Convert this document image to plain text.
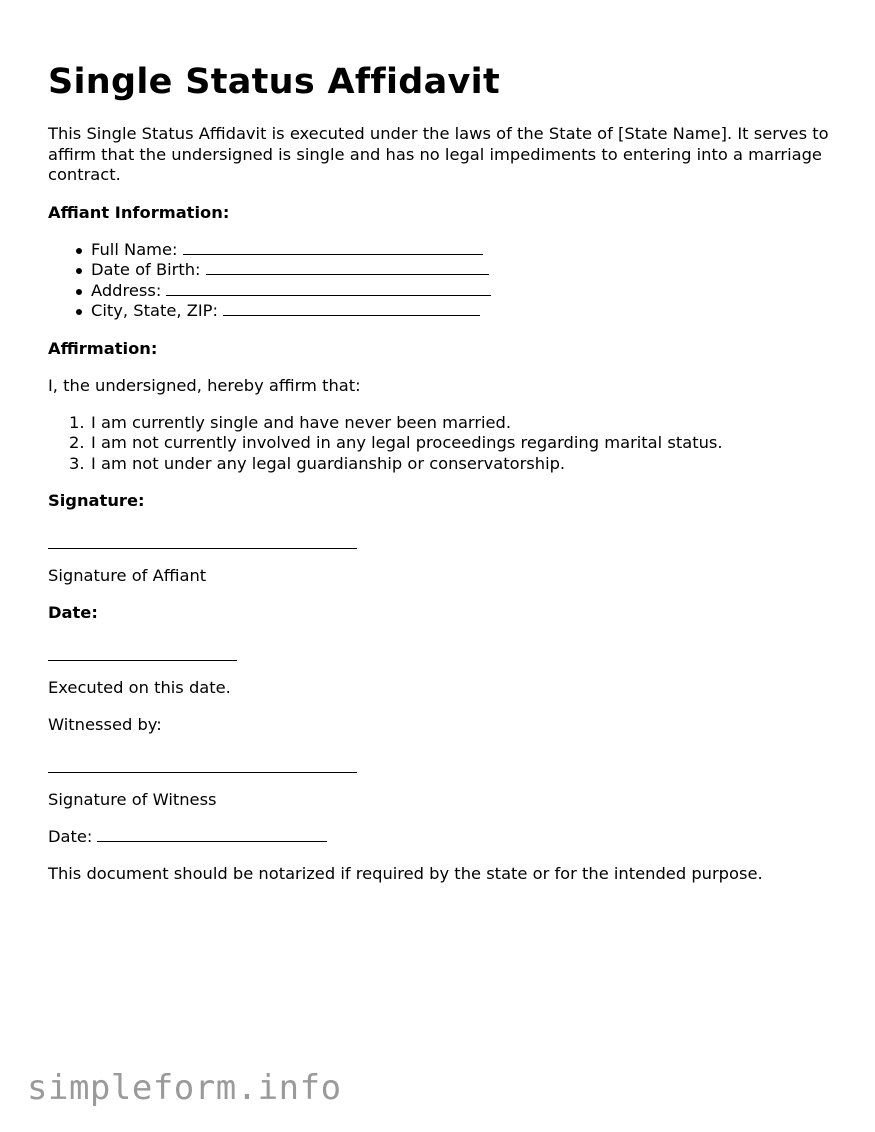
Single Status Affidavit

This Single Status Affidavit is executed under the laws of the State of [State Name]. It serves to affirm that the undersigned is single and has no legal impediments to entering into a marriage contract.

Affiant Information:
Full Name:
Date of Birth:
Address:
City, State, ZIP:
Affirmation:
I, the undersigned, hereby affirm that:
1. I am currently single and have never been married.
2. I am not currently involved in any legal proceedings regarding marital status.
3. I am not under any legal guardianship or conservatorship.
Signature:
Signature of Affiant
Date:
Executed on this date.
Witnessed by:
Signature of Witness
Date:
This document should be notarized if required by the state or for the intended purpose.
simpleform.info
